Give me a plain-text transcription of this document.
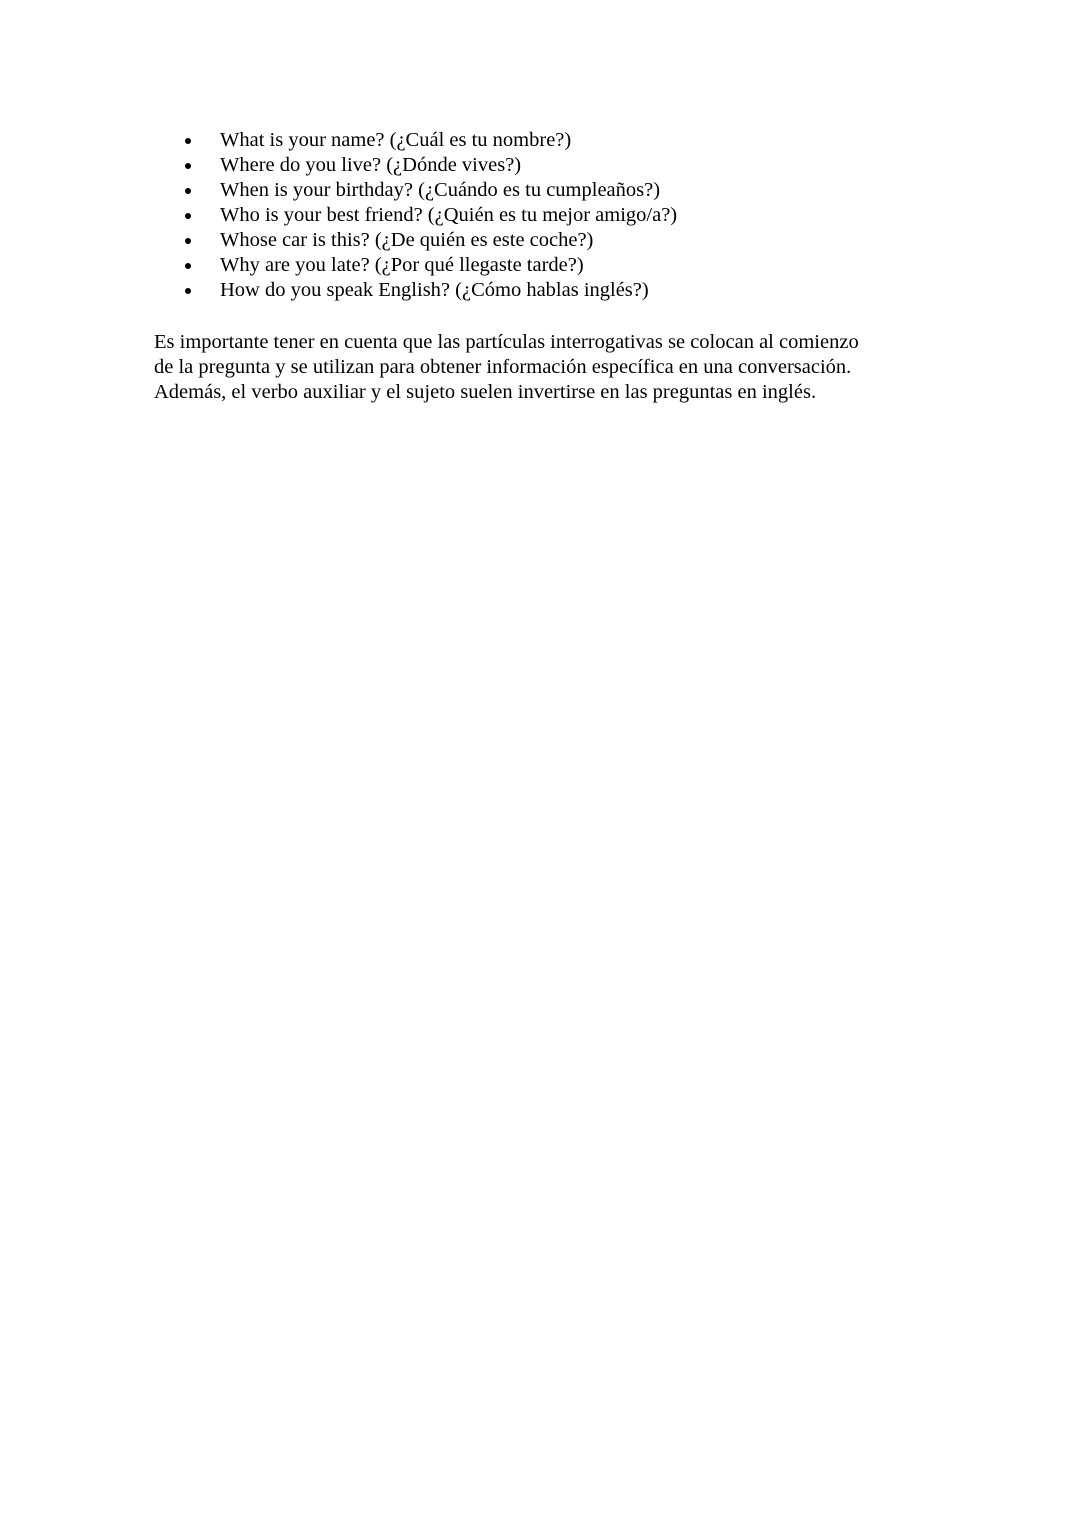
What is your name? (¿Cuál es tu nombre?)
Where do you live? (¿Dónde vives?)
When is your birthday? (¿Cuándo es tu cumpleaños?)
Who is your best friend? (¿Quién es tu mejor amigo/a?)
Whose car is this? (¿De quién es este coche?)
Why are you late? (¿Por qué llegaste tarde?)
How do you speak English? (¿Cómo hablas inglés?)

Es importante tener en cuenta que las partículas interrogativas se colocan al comienzo
de la pregunta y se utilizan para obtener información específica en una conversación.
Además, el verbo auxiliar y el sujeto suelen invertirse en las preguntas en inglés.
